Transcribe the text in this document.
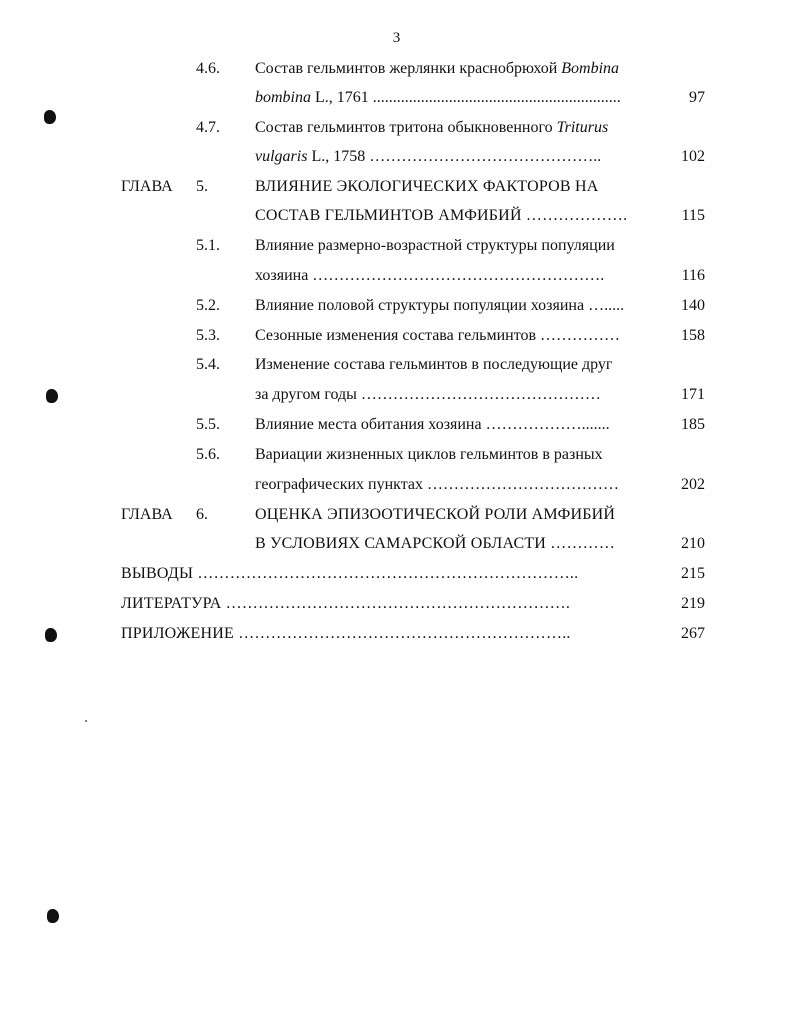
3
4.6. Состав гельминтов жерлянки краснобрюхой Bombina
bombina L., 1761 ..............................................................	97
4.7. Состав гельминтов тритона обыкновенного Triturus
vulgaris L., 1758 ……………………………………..	102
ГЛАВА 5.	ВЛИЯНИЕ ЭКОЛОГИЧЕСКИХ ФАКТОРОВ НА
СОСТАВ ГЕЛЬМИНТОВ АМФИБИЙ ……………….	115
5.1. Влияние размерно-возрастной структуры популяции
хозяина ……………………………………………….	116
5.2. Влияние половой структуры популяции хозяина ….....	140
5.3. Сезонные изменения состава гельминтов ……………	158
5.4. Изменение состава гельминтов в последующие друг
за другом годы ………………………………………	171
5.5. Влияние места обитания хозяина ……………….......	185
5.6. Вариации жизненных циклов гельминтов в разных
географических пунктах ………………………………	202
ГЛАВА 6.	ОЦЕНКА ЭПИЗООТИЧЕСКОЙ РОЛИ АМФИБИЙ
В УСЛОВИЯХ САМАРСКОЙ ОБЛАСТИ …………	210
ВЫВОДЫ ……………………………………………………………..	215
ЛИТЕРАТУРА ……………………………………………………….	219
ПРИЛОЖЕНИЕ ……………………………………………………..	267
